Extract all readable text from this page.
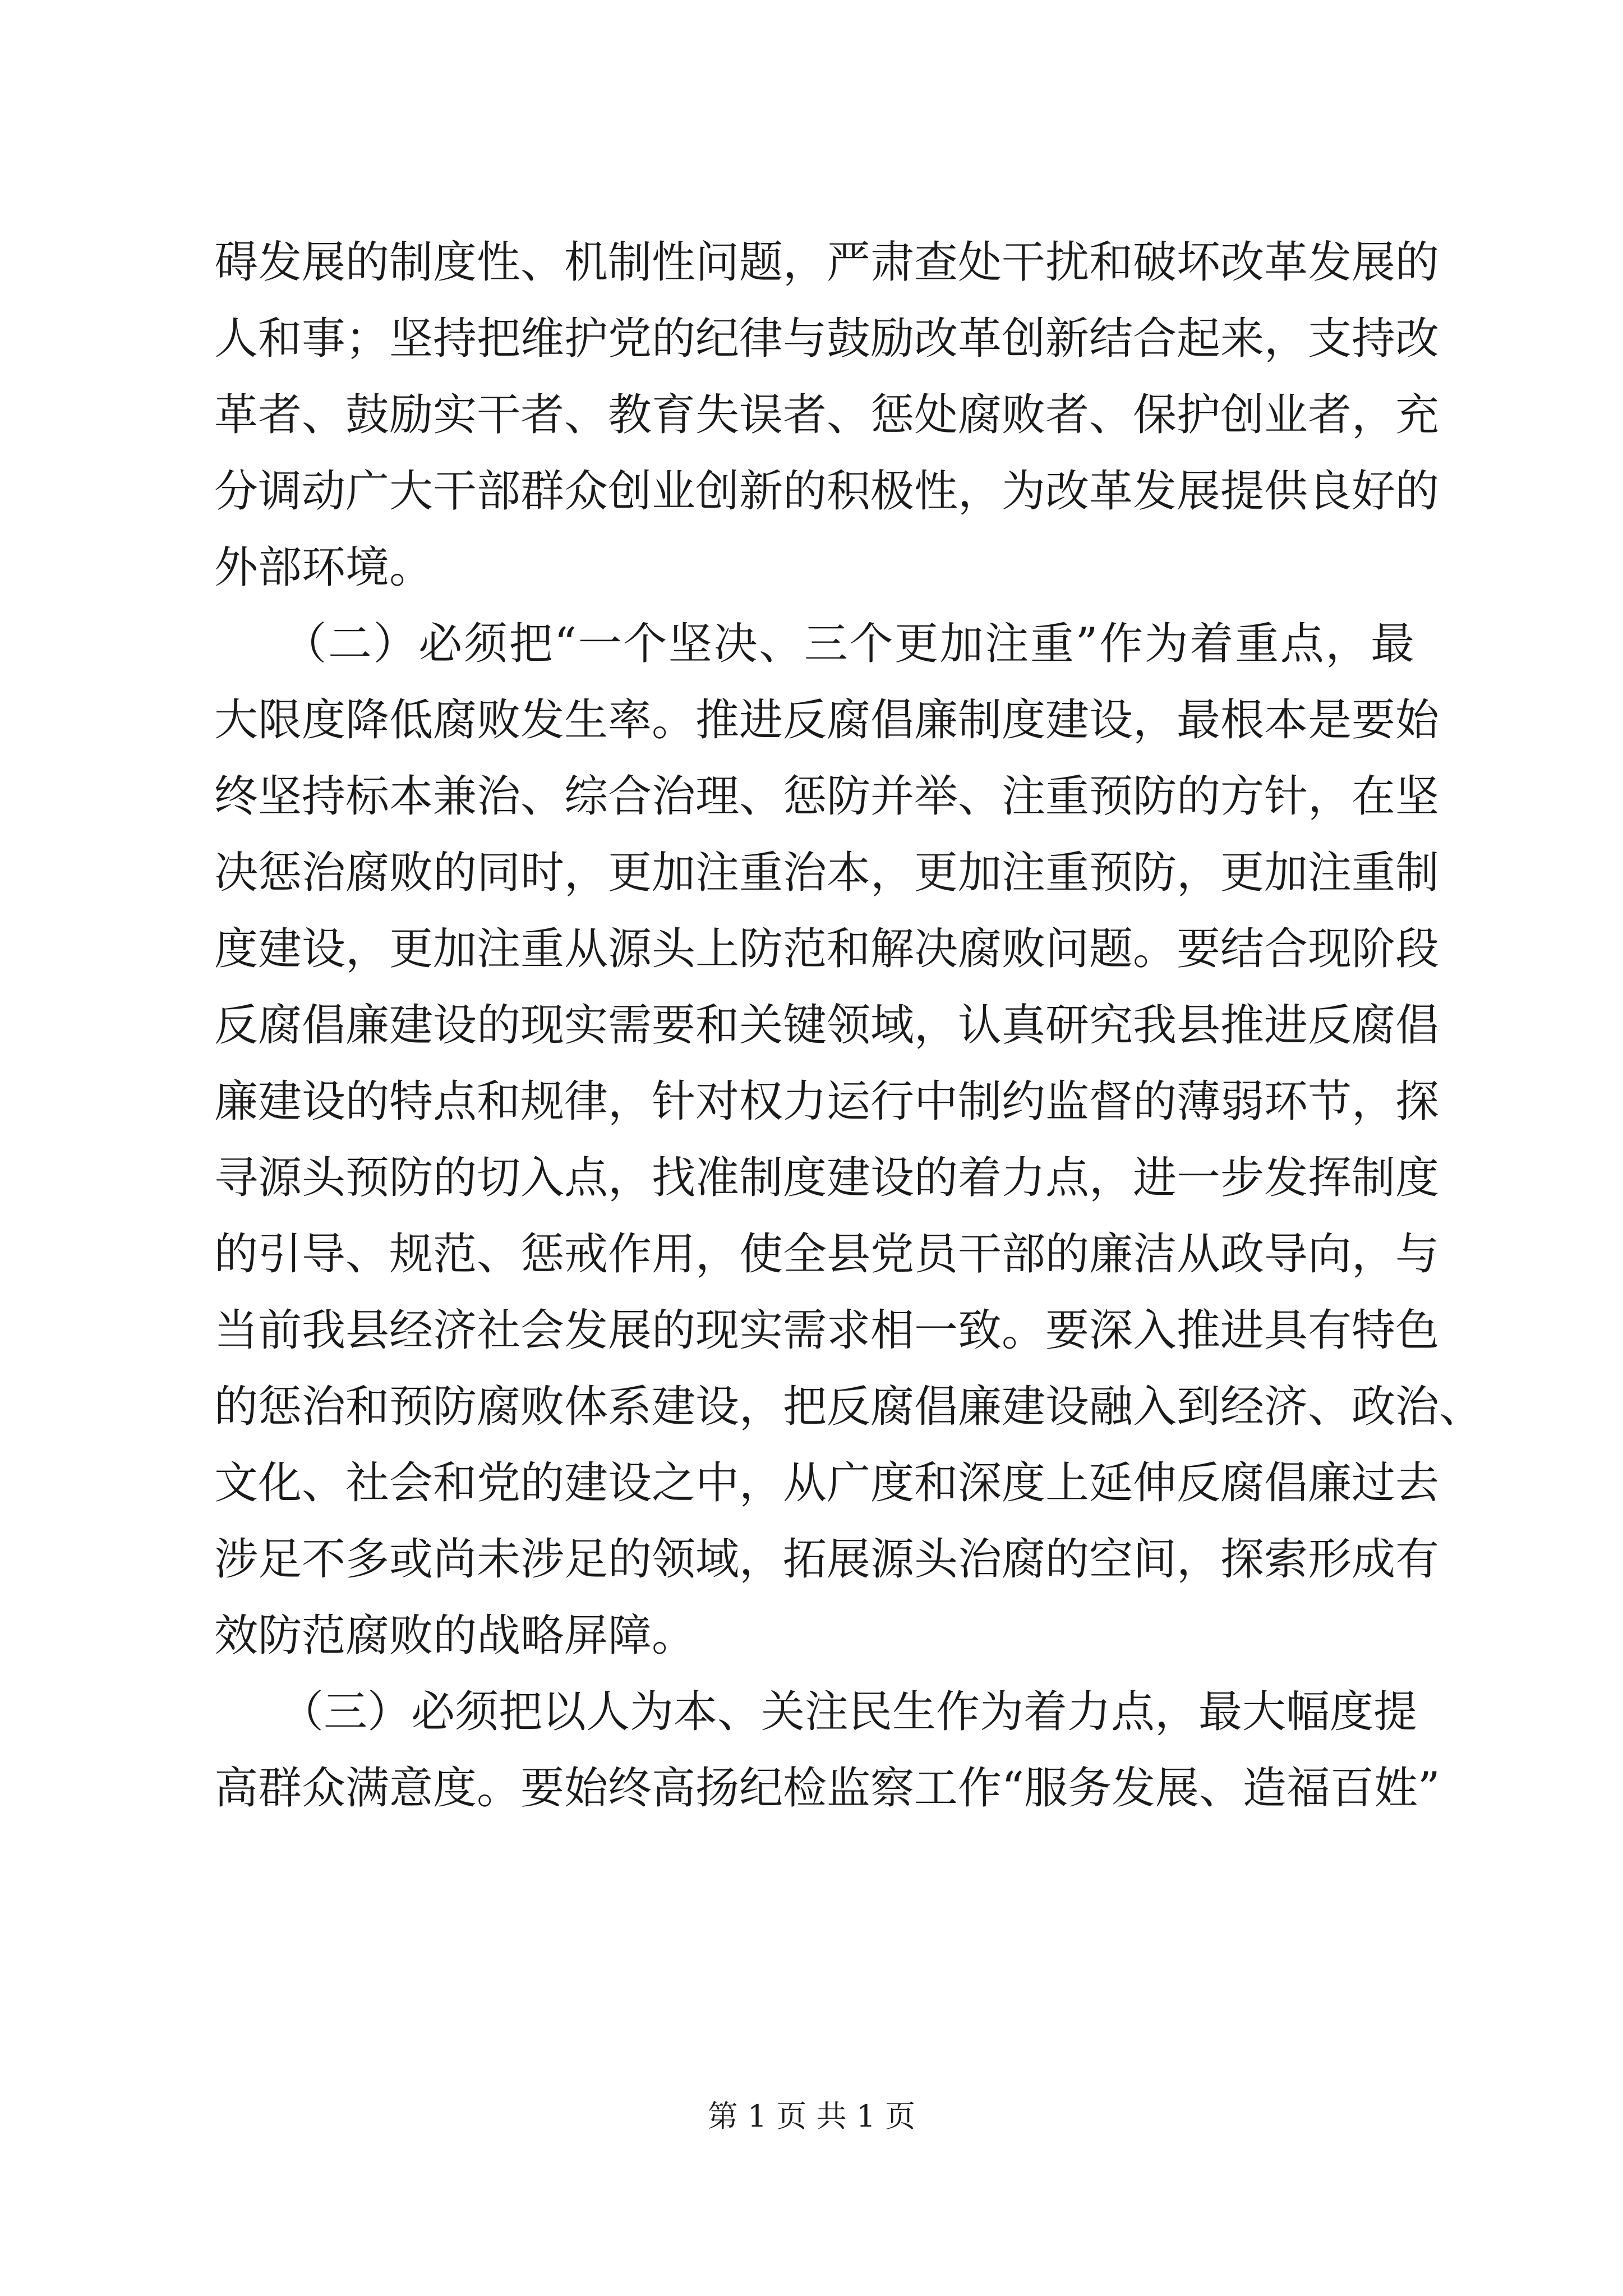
碍发展的制度性、机制性问题，严肃查处干扰和破坏改革发展的
人和事；坚持把维护党的纪律与鼓励改革创新结合起来，支持改
革者、鼓励实干者、教育失误者、惩处腐败者、保护创业者，充
分调动广大干部群众创业创新的积极性，为改革发展提供良好的
外部环境。
　　（二）必须把“一个坚决、三个更加注重”作为着重点，最
大限度降低腐败发生率。推进反腐倡廉制度建设，最根本是要始
终坚持标本兼治、综合治理、惩防并举、注重预防的方针，在坚
决惩治腐败的同时，更加注重治本，更加注重预防，更加注重制
度建设，更加注重从源头上防范和解决腐败问题。要结合现阶段
反腐倡廉建设的现实需要和关键领域，认真研究我县推进反腐倡
廉建设的特点和规律，针对权力运行中制约监督的薄弱环节，探
寻源头预防的切入点，找准制度建设的着力点，进一步发挥制度
的引导、规范、惩戒作用，使全县党员干部的廉洁从政导向，与
当前我县经济社会发展的现实需求相一致。要深入推进具有特色
的惩治和预防腐败体系建设，把反腐倡廉建设融入到经济、政治、
文化、社会和党的建设之中，从广度和深度上延伸反腐倡廉过去
涉足不多或尚未涉足的领域，拓展源头治腐的空间，探索形成有
效防范腐败的战略屏障。
　　（三）必须把以人为本、关注民生作为着力点，最大幅度提
高群众满意度。要始终高扬纪检监察工作“服务发展、造福百姓”
第 1 页 共 1 页
